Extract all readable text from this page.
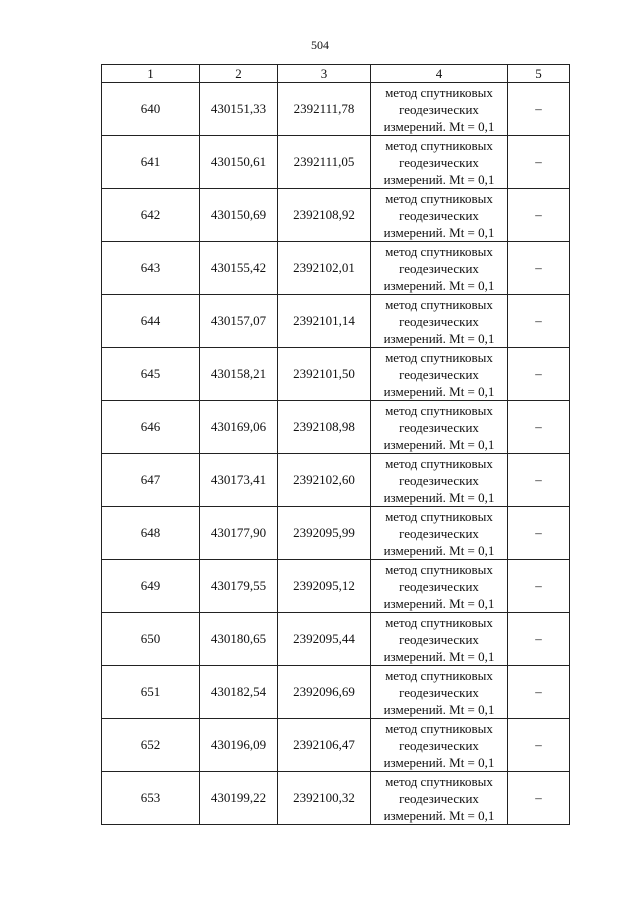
504
1	2	3	4	5
640	430151,33	2392111,78	метод спутниковых
геодезических
измерений. Mt = 0,1	–
641	430150,61	2392111,05	метод спутниковых
геодезических
измерений. Mt = 0,1	–
642	430150,69	2392108,92	метод спутниковых
геодезических
измерений. Mt = 0,1	–
643	430155,42	2392102,01	метод спутниковых
геодезических
измерений. Mt = 0,1	–
644	430157,07	2392101,14	метод спутниковых
геодезических
измерений. Mt = 0,1	–
645	430158,21	2392101,50	метод спутниковых
геодезических
измерений. Mt = 0,1	–
646	430169,06	2392108,98	метод спутниковых
геодезических
измерений. Mt = 0,1	–
647	430173,41	2392102,60	метод спутниковых
геодезических
измерений. Mt = 0,1	–
648	430177,90	2392095,99	метод спутниковых
геодезических
измерений. Mt = 0,1	–
649	430179,55	2392095,12	метод спутниковых
геодезических
измерений. Mt = 0,1	–
650	430180,65	2392095,44	метод спутниковых
геодезических
измерений. Mt = 0,1	–
651	430182,54	2392096,69	метод спутниковых
геодезических
измерений. Mt = 0,1	–
652	430196,09	2392106,47	метод спутниковых
геодезических
измерений. Mt = 0,1	–
653	430199,22	2392100,32	метод спутниковых
геодезических
измерений. Mt = 0,1	–
